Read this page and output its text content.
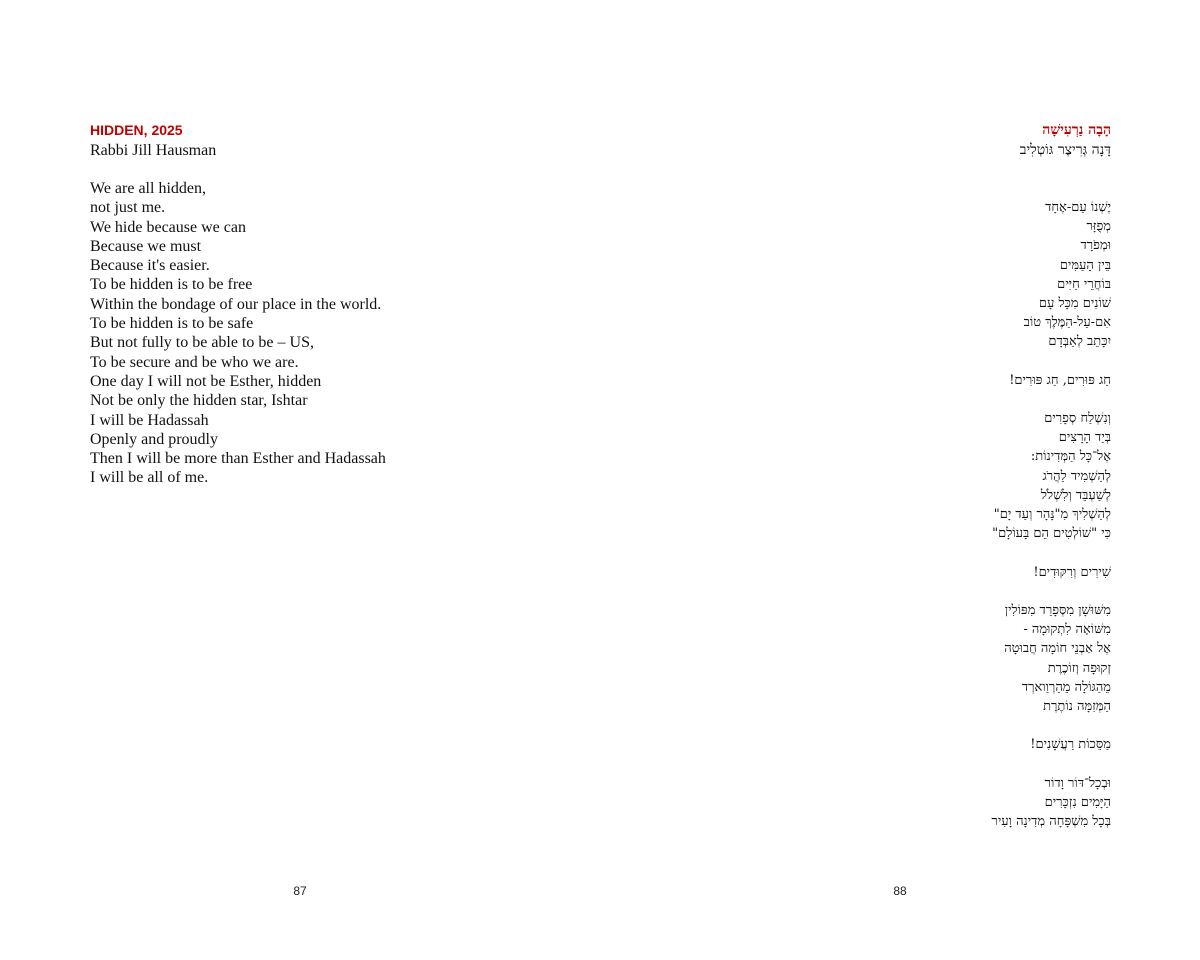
HIDDEN, 2025
Rabbi Jill Hausman
We are all hidden,
not just me.
We hide because we can
Because we must
Because it's easier.
To be hidden is to be free
Within the bondage of our place in the world.
To be hidden is to be safe
But not fully to be able to be – US,
To be secure and be who we are.
One day I will not be Esther, hidden
Not be only the hidden star, Ishtar
I will be Hadassah
Openly and proudly
Then I will be more than Esther and Hadassah
I will be all of me.
87
הָבָה נַרְעִישָׁה
דָּנָה גְּרִיצֶר גּוֹטְלִיב
יֶשְׁנוֹ עַם-אֶחָד
מְפֻזָּר
וּמְפֹרָד
בֵּין הָעַמִּים
בּוֹחֲרֵי חַיִּים
שׁוֹנִים מִכָּל עָם
אִם-עַל-הַמֶּלֶךְ טוֹב
יִכָּתֵב לְאַבְּדָם
חַג פּוּרִים, חַג פּוּרִים!
וְנִשְׁלַח סְפָרִים
בְּיַד הָרָצִים
אֶל־כָּל הַמְּדִינוֹת:
לְהַשְׁמִיד לַהֲרֹג
לְשַׁעְבֵּד וְלִשְׁלֹל
לְהַשְׁלִיךְ מִ"נָּהָר וְעַד יָם"
כִּי "שׁוֹלְטִים הֵם בָּעוֹלָם"
שִׁירִים וְרִקּוּדִים!
מִשּׁוּשָׁן מִסְּפָרַד מִפּוֹלִין
מִשּׁוֹאָה לִתְקוּמָה -
אֶל אַבְנֵי חוֹמָה חֲבוּטָה
זְקוּפָה וְזוֹכֶרֶת
מֵהַגּוֹלָה מֵהַרְוַוארְד
הַמְּזִמָּה נוֹתֶרֶת
מַסֵּכוֹת רַעֲשָׁנִים!
וּבְכָל־דּוֹר וָדוֹר
הַיָּמִים נִזְכָּרִים
בְּכָל מִשְׁפָּחָה מְדִינָה וָעִיר
88
